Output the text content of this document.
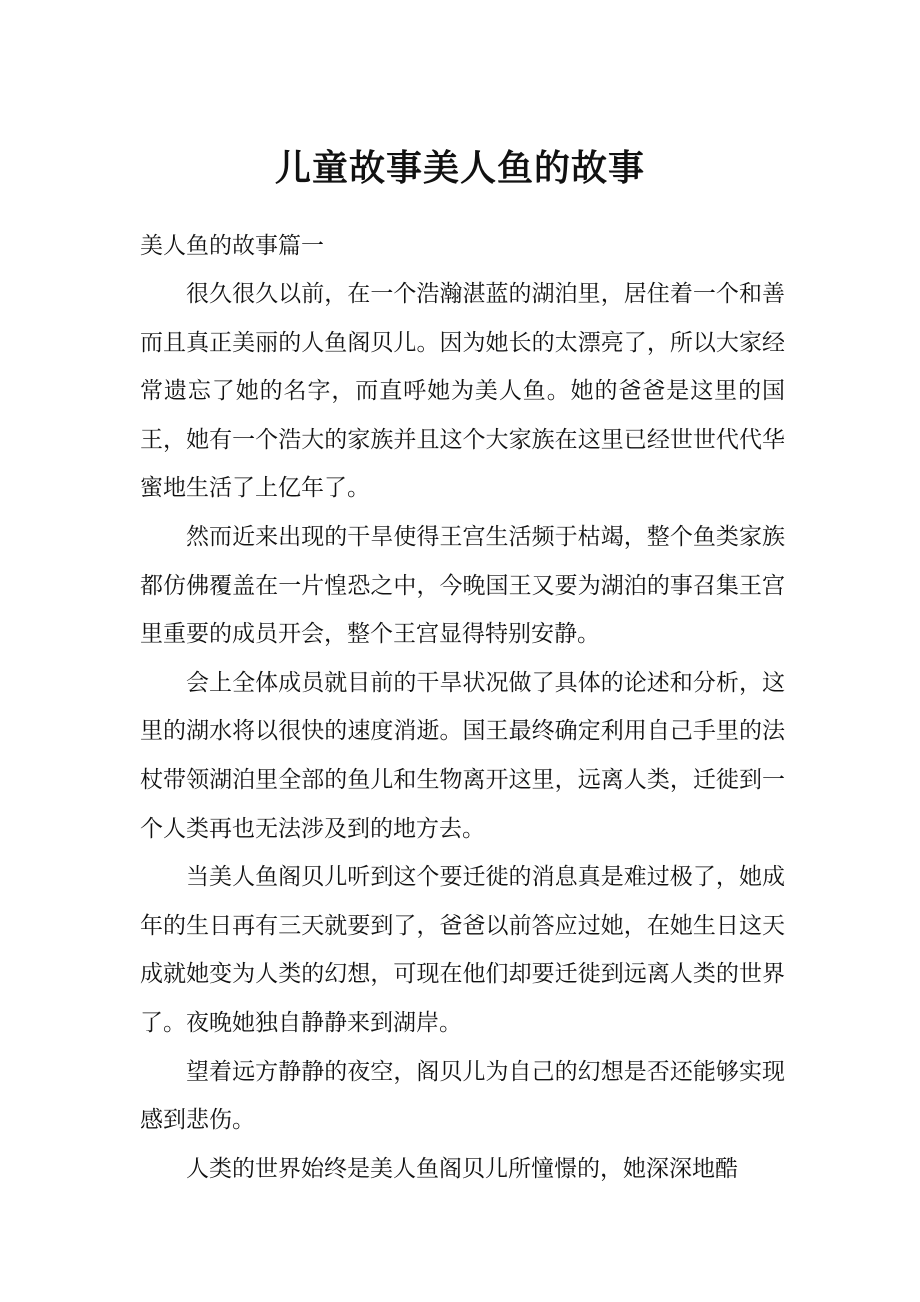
儿童故事美人鱼的故事

美人鱼的故事篇一

很久很久以前，在一个浩瀚湛蓝的湖泊里，居住着一个和善而且真正美丽的人鱼阁贝儿。因为她长的太漂亮了，所以大家经常遗忘了她的名字，而直呼她为美人鱼。她的爸爸是这里的国王，她有一个浩大的家族并且这个大家族在这里已经世世代代华蜜地生活了上亿年了。

然而近来出现的干旱使得王宫生活频于枯竭，整个鱼类家族都仿佛覆盖在一片惶恐之中，今晚国王又要为湖泊的事召集王宫里重要的成员开会，整个王宫显得特别安静。

会上全体成员就目前的干旱状况做了具体的论述和分析，这里的湖水将以很快的速度消逝。国王最终确定利用自己手里的法杖带领湖泊里全部的鱼儿和生物离开这里，远离人类，迁徙到一个人类再也无法涉及到的地方去。

当美人鱼阁贝儿听到这个要迁徙的消息真是难过极了，她成年的生日再有三天就要到了，爸爸以前答应过她，在她生日这天成就她变为人类的幻想，可现在他们却要迁徙到远离人类的世界了。夜晚她独自静静来到湖岸。

望着远方静静的夜空，阁贝儿为自己的幻想是否还能够实现感到悲伤。

人类的世界始终是美人鱼阁贝儿所憧憬的，她深深地酷
